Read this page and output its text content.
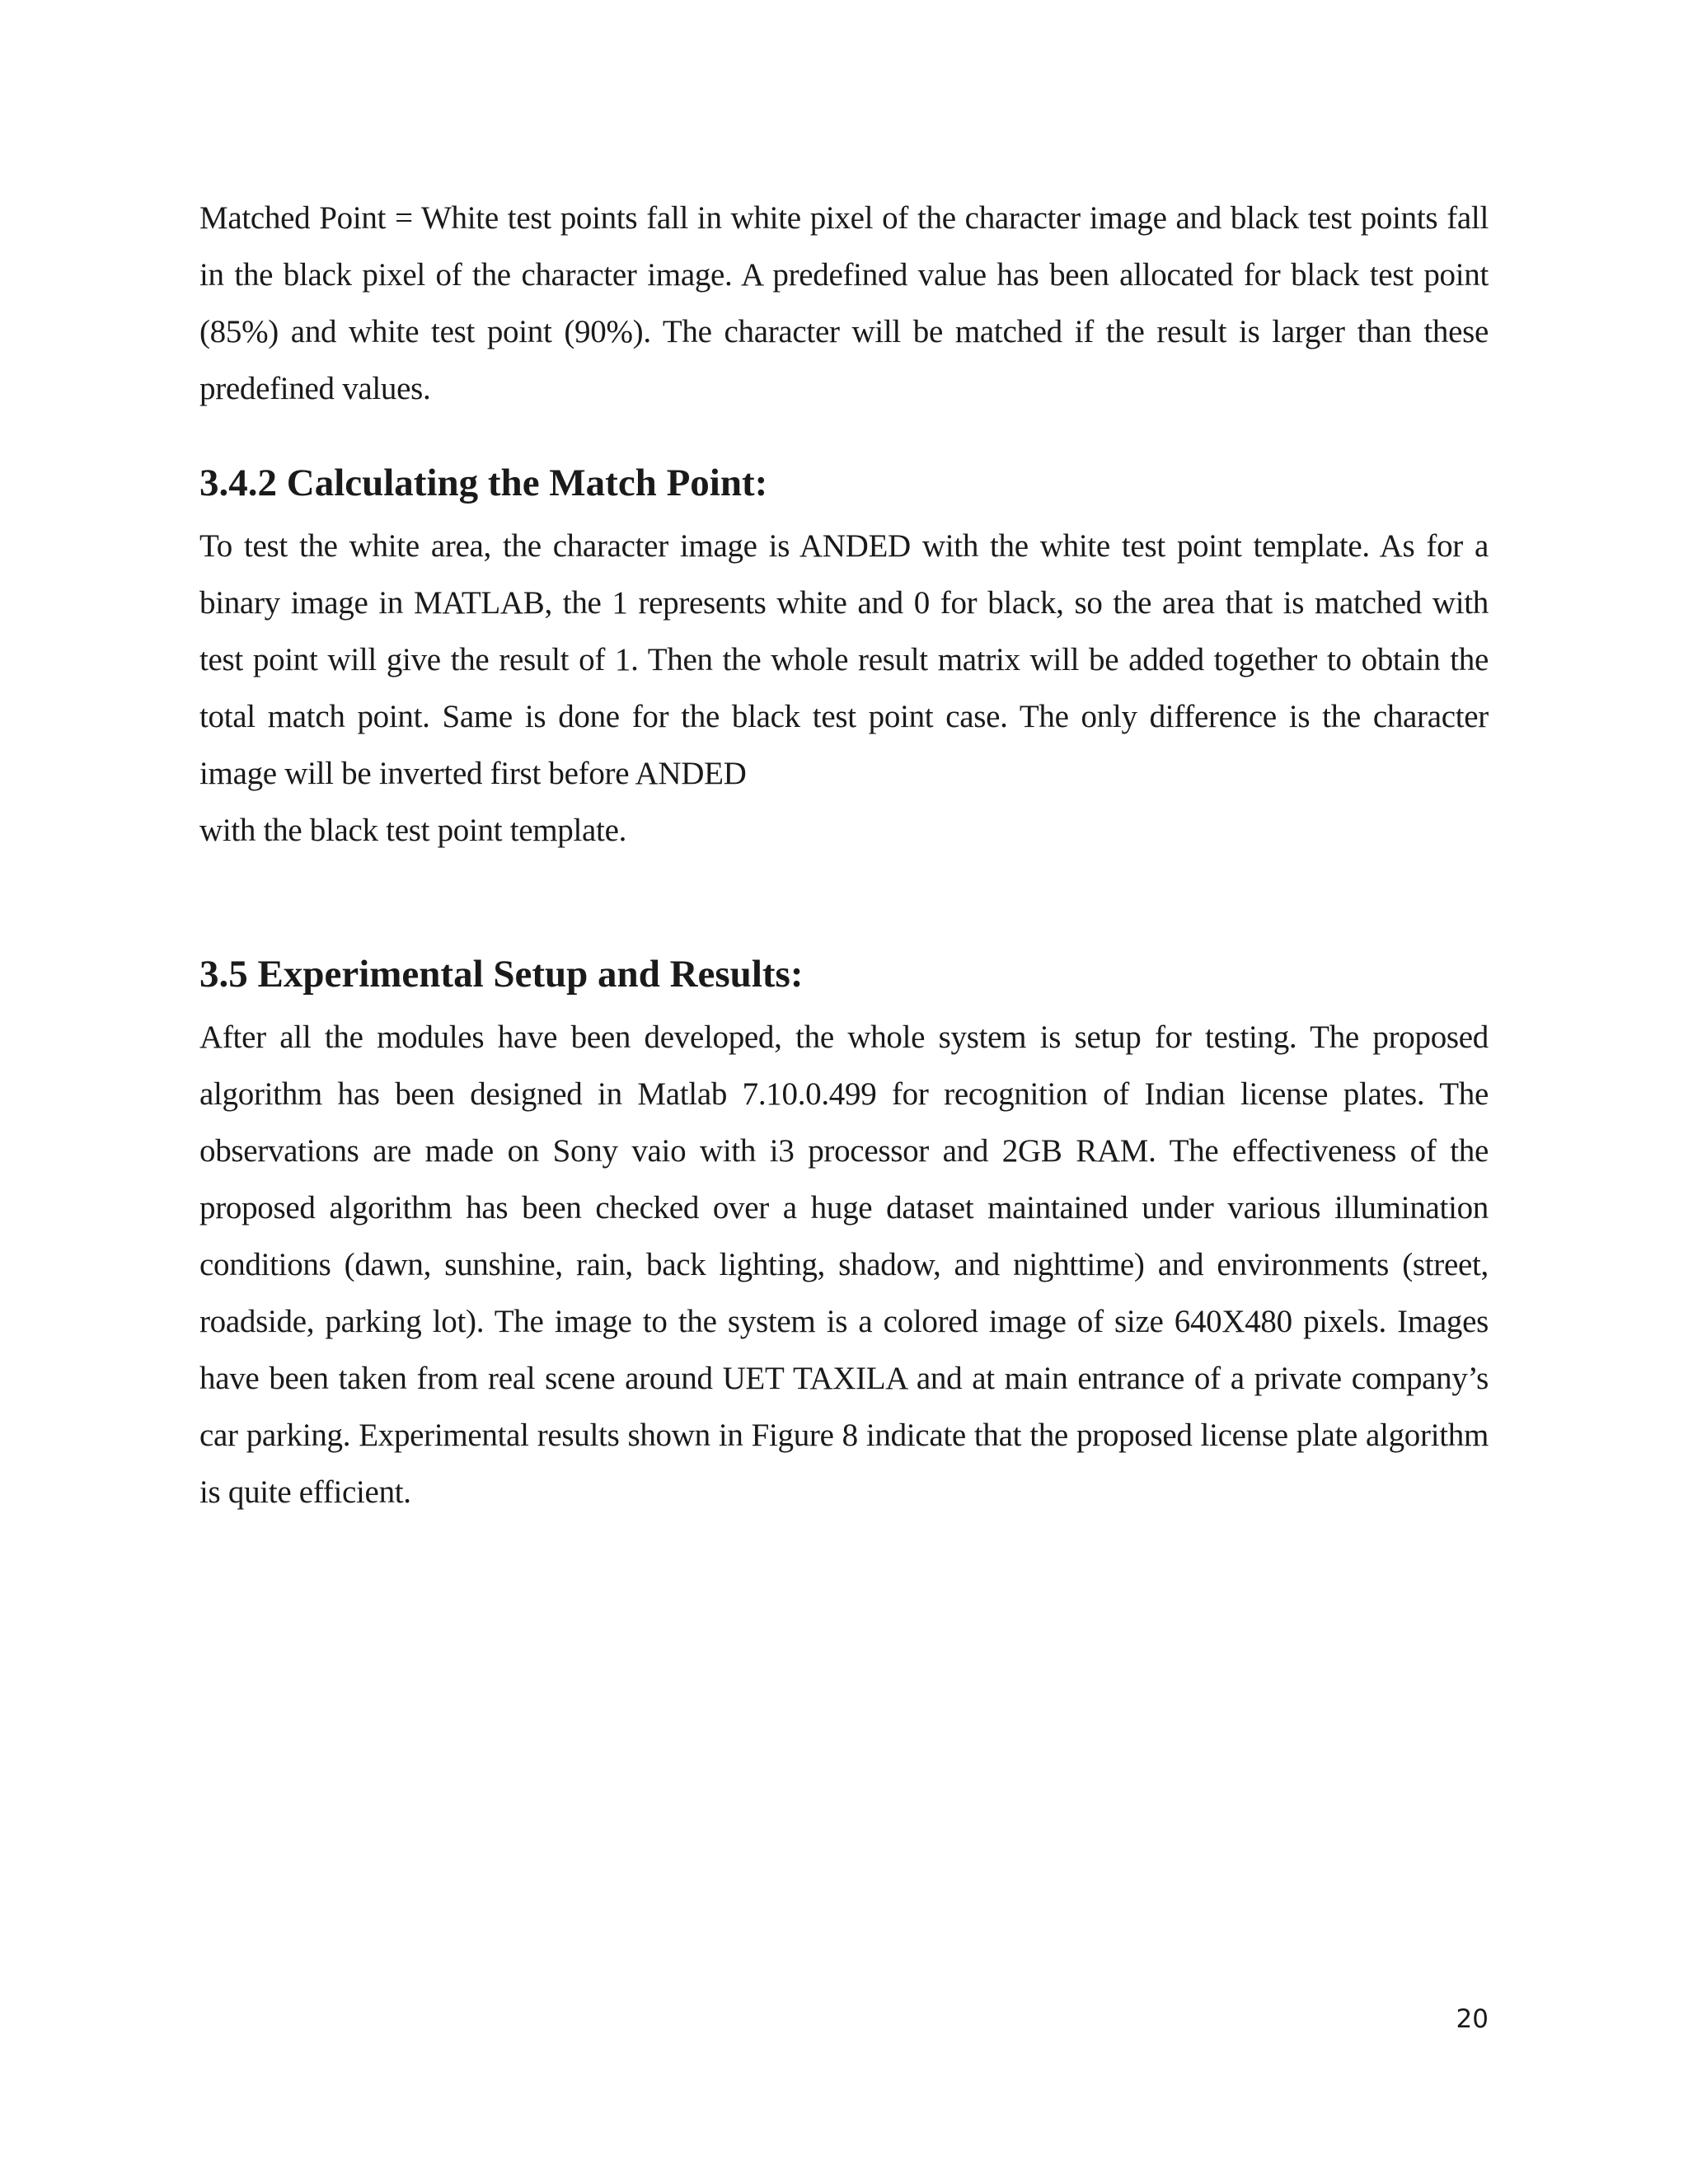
Matched Point = White test points fall in white pixel of the character image and black test points fall in the black pixel of the character image. A predefined value has been allocated for black test point (85%) and white test point (90%). The character will be matched if the result is larger than these predefined values.

3.4.2 Calculating the Match Point:

To test the white area, the character image is ANDED with the white test point template. As for a binary image in MATLAB, the 1 represents white and 0 for black, so the area that is matched with test point will give the result of 1. Then the whole result matrix will be added together to obtain the total match point. Same is done for the black test point case. The only difference is the character image will be inverted first before ANDED
with the black test point template.

3.5 Experimental Setup and Results:

After all the modules have been developed, the whole system is setup for testing. The proposed algorithm has been designed in Matlab 7.10.0.499 for recognition of Indian license plates. The observations are made on Sony vaio with i3 processor and 2GB RAM. The effectiveness of the proposed algorithm has been checked over a huge dataset maintained under various illumination conditions (dawn, sunshine, rain, back lighting, shadow, and nighttime) and environments (street, roadside, parking lot). The image to the system is a colored image of size 640X480 pixels. Images have been taken from real scene around UET TAXILA and at main entrance of a private company’s car parking. Experimental results shown in Figure 8 indicate that the proposed license plate algorithm is quite efficient.

20
